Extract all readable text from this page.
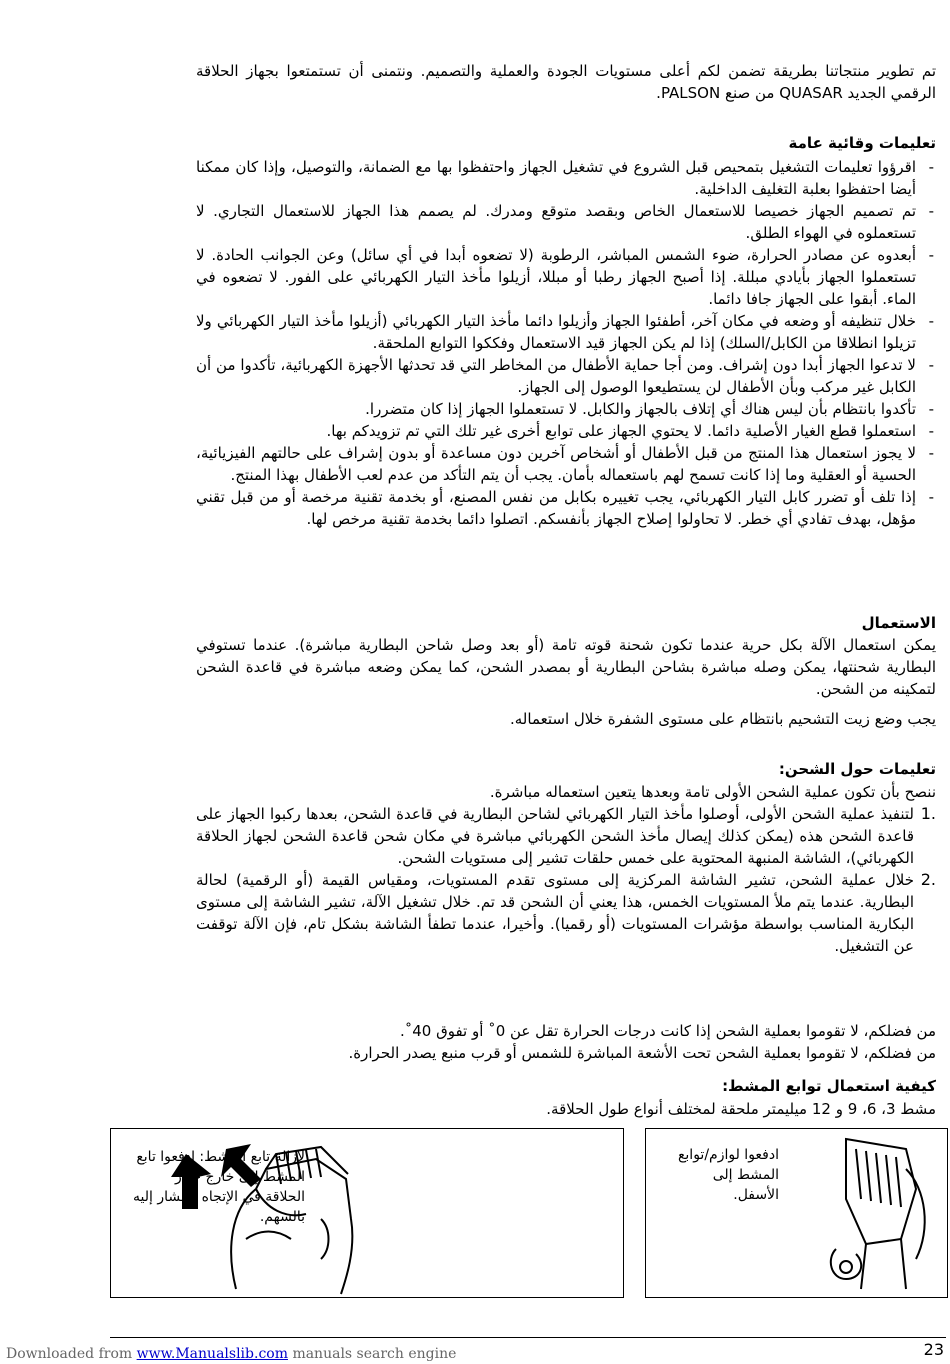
تم تطوير منتجاتنا بطريقة تضمن لكم أعلى مستويات الجودة والعملية والتصميم. ونتمنى أن تستمتعوا بجهاز الحلاقة الرقمي الجديد QUASAR من صنع PALSON.
تعليمات وقائية عامة
- اقرؤوا تعليمات التشغيل بتمحيص قبل الشروع في تشغيل الجهاز واحتفظوا بها مع الضمانة، والتوصيل، وإذا كان ممكنا أيضا احتفظوا بعلبة التغليف الداخلية.
- تم تصميم الجهاز خصيصا للاستعمال الخاص وبقصد متوقع ومدرك. لم يصمم هذا الجهاز للاستعمال التجاري. لا تستعملوه في الهواء الطلق.
- أبعدوه عن مصادر الحرارة، ضوء الشمس المباشر، الرطوبة (لا تضعوه أبدا في أي سائل) وعن الجوانب الحادة. لا تستعملوا الجهاز بأيادي مبللة. إذا أصبح الجهاز رطبا أو مبللا، أزيلوا مأخذ التيار الكهربائي على الفور. لا تضعوه في الماء. أبقوا على الجهاز جافا دائما.
- خلال تنظيفه أو وضعه في مكان آخر، أطفئوا الجهاز وأزيلوا دائما مأخذ التيار الكهربائي (أزيلوا مأخذ التيار الكهربائي ولا تزيلوا انطلاقا من الكابل/السلك) إذا لم يكن الجهاز قيد الاستعمال وفككوا التوابع الملحقة.
- لا تدعوا الجهاز أبدا دون إشراف. ومن أجا حماية الأطفال من المخاطر التي قد تحدثها الأجهزة الكهربائية، تأكدوا من أن الكابل غير مركب وبأن الأطفال لن يستطيعوا الوصول إلى الجهاز.
- تأكدوا بانتظام بأن ليس هناك أي إتلاف بالجهاز والكابل. لا تستعملوا الجهاز إذا كان متضررا.
- استعملوا قطع الغيار الأصلية دائما. لا يحتوي الجهاز على توابع أخرى غير تلك التي تم تزويدكم بها.
- لا يجوز استعمال هذا المنتج من قبل الأطفال أو أشخاص آخرين دون مساعدة أو بدون إشراف على حالتهم الفيزيائية، الحسية أو العقلية وما إذا كانت تسمح لهم باستعماله بأمان. يجب أن يتم التأكد من عدم لعب الأطفال بهذا المنتج.
- إذا تلف أو تضرر كابل التيار الكهربائي، يجب تغييره بكابل من نفس المصنع، أو بخدمة تقنية مرخصة أو من قبل تقني مؤهل، بهدف تفادي أي خطر. لا تحاولوا إصلاح الجهاز بأنفسكم. اتصلوا دائما بخدمة تقنية مرخص لها.
الاستعمال
يمكن استعمال الآلة بكل حرية عندما تكون شحنة قوته تامة (أو بعد وصل شاحن البطارية مباشرة). عندما تستوفي البطارية شحنتها، يمكن وصله مباشرة بشاحن البطارية أو بمصدر الشحن، كما يمكن وضعه مباشرة في قاعدة الشحن لتمكينه من الشحن.
يجب وضع زيت التشحيم بانتظام على مستوى الشفرة خلال استعماله.
تعليمات حول الشحن:
ننصح بأن تكون عملية الشحن الأولى تامة وبعدها يتعين استعماله مباشرة.
1.
لتنفيذ عملية الشحن الأولى، أوصلوا مأخذ التيار الكهربائي لشاحن البطارية في قاعدة الشحن، بعدها ركبوا الجهاز على قاعدة الشحن هذه (يمكن كذلك إيصال مأخذ الشحن الكهربائي مباشرة في مكان شحن قاعدة الشحن لجهاز الحلاقة الكهربائي)، الشاشة المنبهة المحتوية على خمس حلقات تشير إلى مستويات الشحن.
2.
خلال عملية الشحن، تشير الشاشة المركزية إلى مستوى تقدم المستويات، ومقياس القيمة (أو الرقمية) لحالة البطارية. عندما يتم ملأ المستويات الخمس، هذا يعني أن الشحن قد تم. خلال تشغيل الآلة، تشير الشاشة إلى مستوى البكارية المناسب بواسطة مؤشرات المستويات (أو رقميا). وأخيرا، عندما تطفأ الشاشة بشكل تام، فإن الآلة توقفت عن التشغيل.
من فضلكم، لا تقوموا بعملية الشحن إذا كانت درجات الحرارة تقل عن 0˚ أو تفوق 40˚.
من فضلكم، لا تقوموا بعملية الشحن تحت الأشعة المباشرة للشمس أو قرب منبع يصدر الحرارة.
كيفية استعمال توابع المشط:
مشط 3، 6، 9 و 12 ميليمتر ملحقة لمختلف أنواع طول الحلاقة.
لإزالة تابع المشط: ادفعوا تابع المشط إلى خارج جهاز الحلاقة في الإتجاه المشار إليه بالسهم.
ادفعوا لوازم/توابع المشط إلى الأسفل.
23
Downloaded from www.Manualslib.com manuals search engine
